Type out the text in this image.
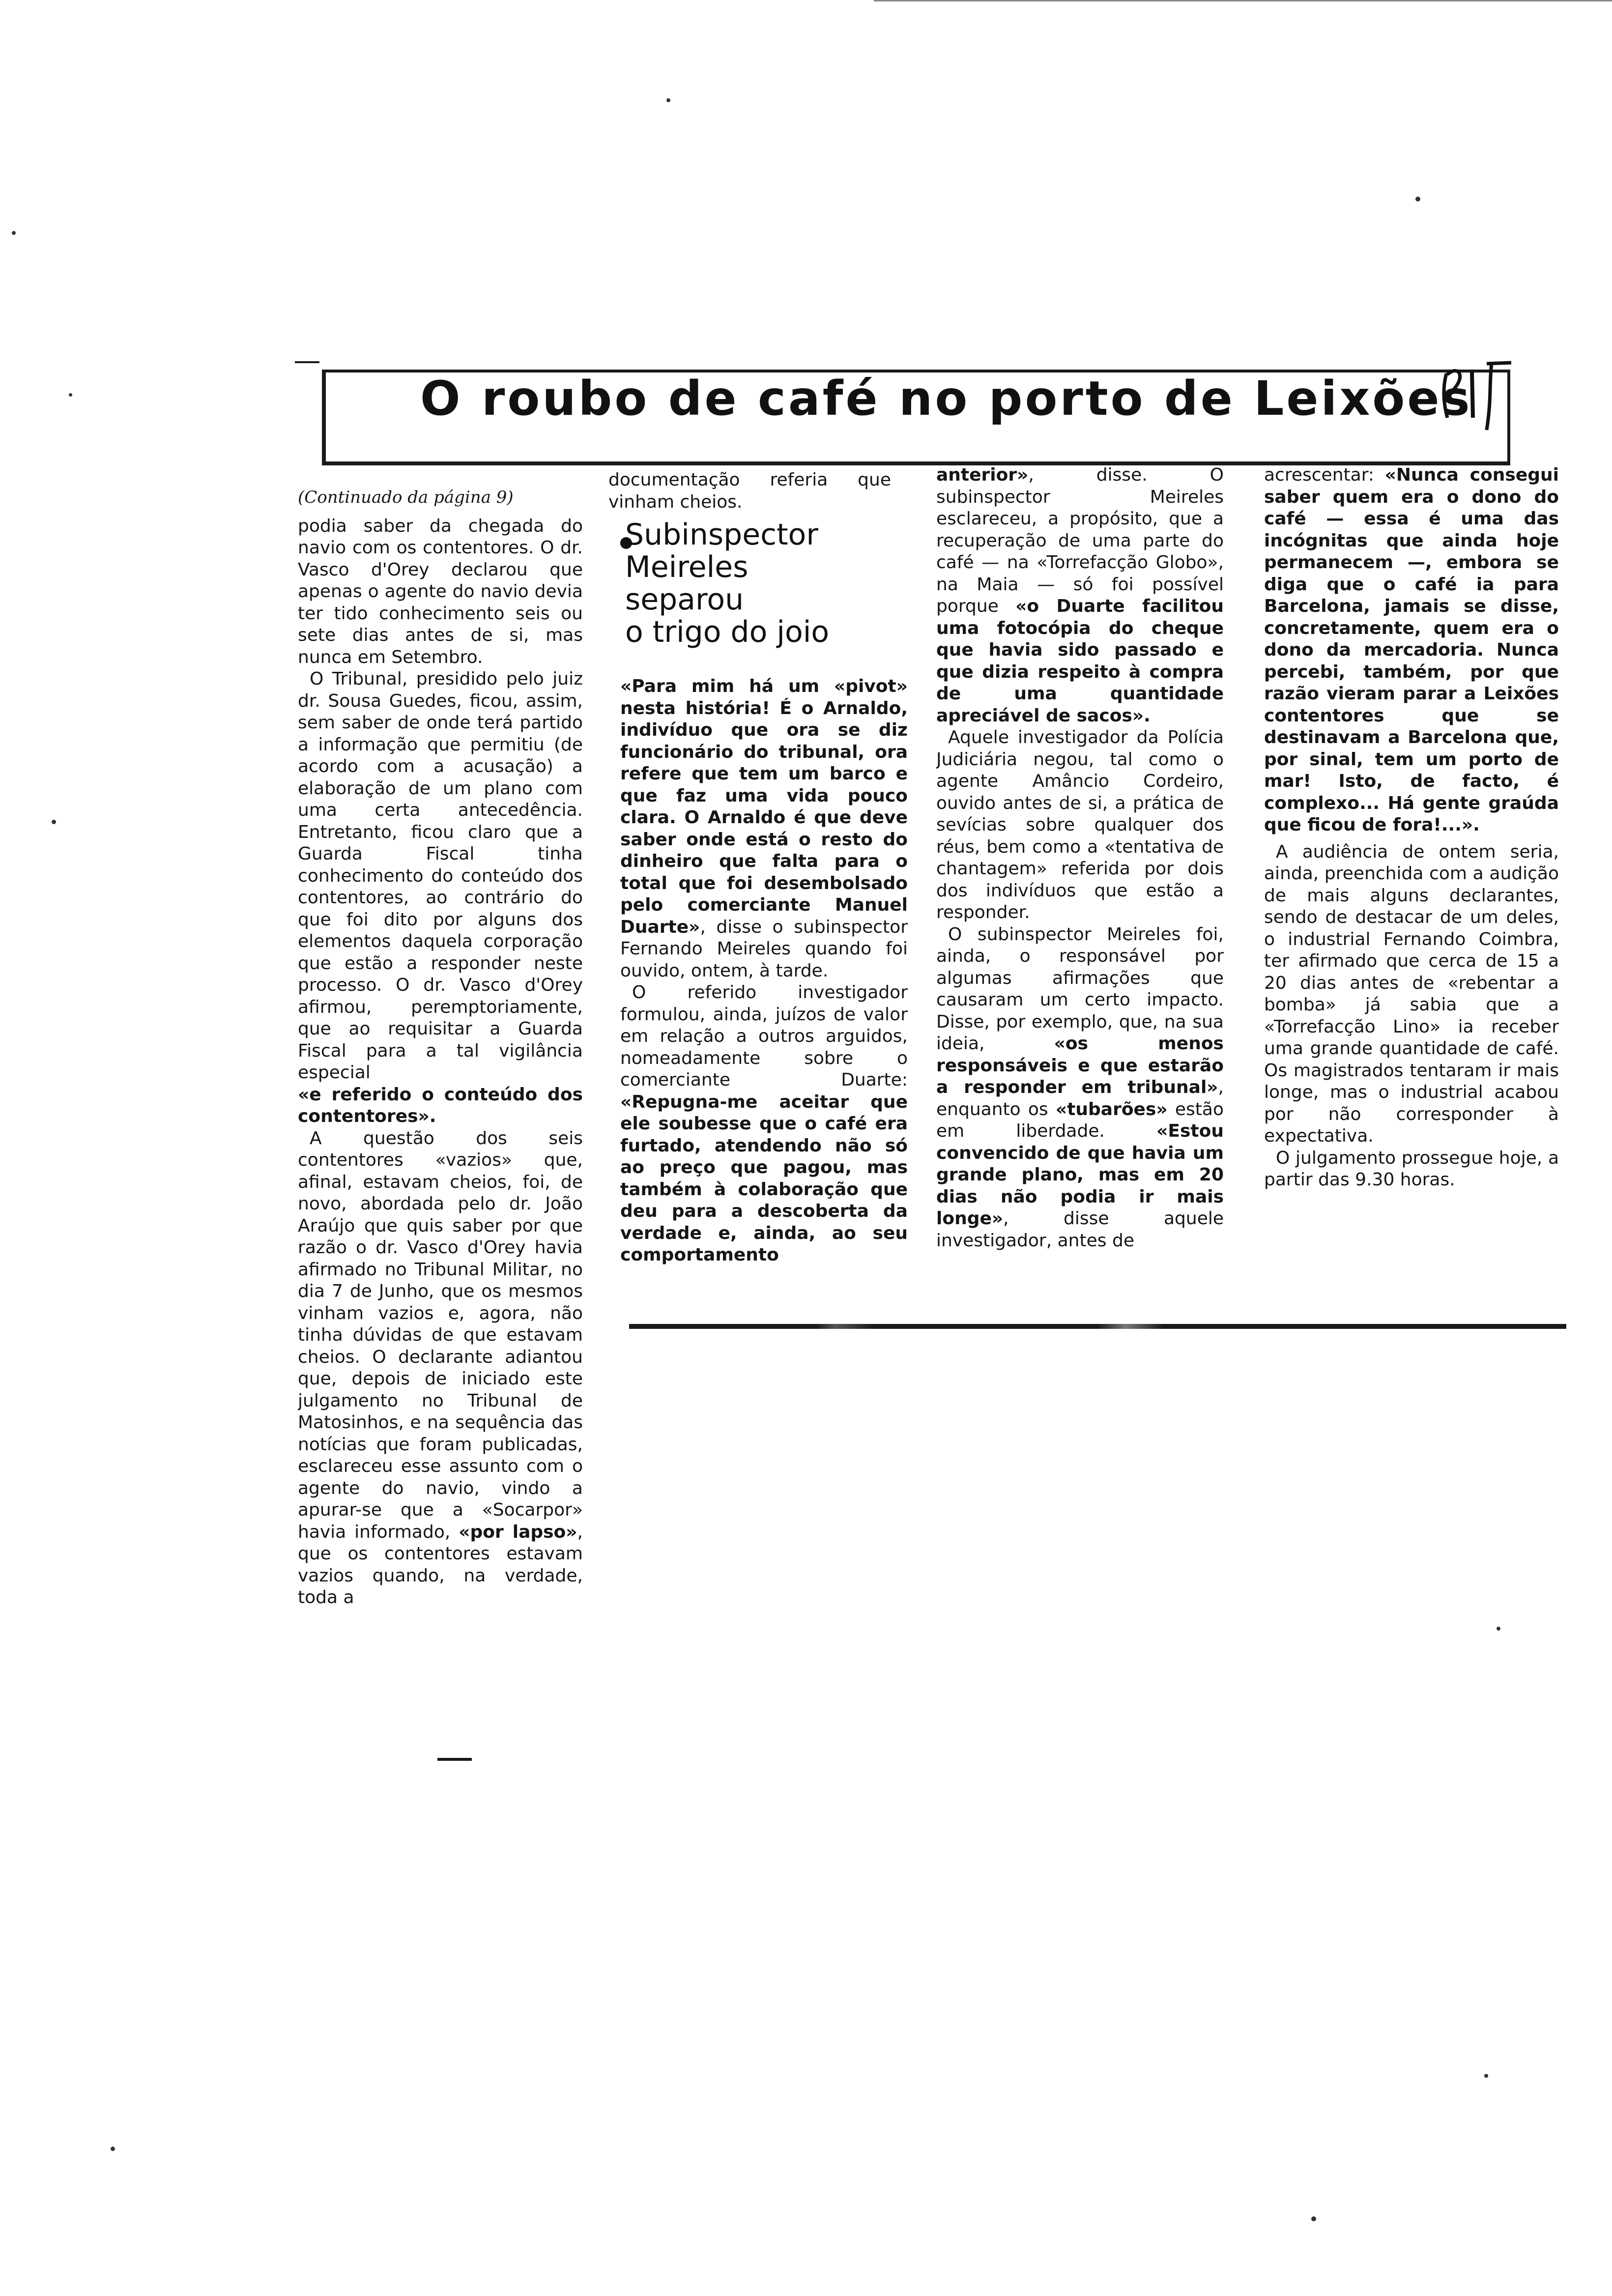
O roubo de café no porto de Leixões

(Continuado da página 9)

podia saber da chegada do navio com os contentores. O dr. Vasco d'Orey declarou que apenas o agente do navio devia ter tido conhecimento seis ou sete dias antes de si, mas nunca em Setembro.

O Tribunal, presidido pelo juiz dr. Sousa Guedes, ficou, assim, sem saber de onde terá partido a informação que permitiu (de acordo com a acusação) a elaboração de um plano com uma certa antecedência. Entretanto, ficou claro que a Guarda Fiscal tinha conhecimento do conteúdo dos contentores, ao contrário do que foi dito por alguns dos elementos daquela corporação que estão a responder neste processo. O dr. Vasco d'Orey afirmou, peremptoriamente, que ao requisitar a Guarda Fiscal para a tal vigilância especial

«e referido o conteúdo dos contentores».

A questão dos seis contentores «vazios» que, afinal, estavam cheios, foi, de novo, abordada pelo dr. João Araújo que quis saber por que razão o dr. Vasco d'Orey havia afirmado no Tribunal Militar, no dia 7 de Junho, que os mesmos vinham vazios e, agora, não tinha dúvidas de que estavam cheios. O declarante adiantou que, depois de iniciado este julgamento no Tribunal de Matosinhos, e na sequência das notícias que foram publicadas, esclareceu esse assunto com o agente do navio, vindo a apurar-se que a «Socarpor» havia informado, «por lapso», que os contentores estavam vazios quando, na verdade, toda a

documentação referia que vinham cheios.

Subinspector
Meireles
separou
o trigo do joio

«Para mim há um «pivot» nesta história! É o Arnaldo, indivíduo que ora se diz funcionário do tribunal, ora refere que tem um barco e que faz uma vida pouco clara. O Arnaldo é que deve saber onde está o resto do dinheiro que falta para o total que foi desembolsado pelo comerciante Manuel Duarte», disse o subinspector Fernando Meireles quando foi ouvido, ontem, à tarde.

O referido investigador formulou, ainda, juízos de valor em relação a outros arguidos, nomeadamente sobre o comerciante Duarte: «Repugna-me aceitar que ele soubesse que o café era furtado, atendendo não só ao preço que pagou, mas também à colaboração que deu para a descoberta da verdade e, ainda, ao seu comportamento

anterior», disse. O subinspector Meireles esclareceu, a propósito, que a recuperação de uma parte do café — na «Torrefacção Globo», na Maia — só foi possível porque «o Duarte facilitou uma fotocópia do cheque que havia sido passado e que dizia respeito à compra de uma quantidade apreciável de sacos».

Aquele investigador da Polícia Judiciária negou, tal como o agente Amâncio Cordeiro, ouvido antes de si, a prática de sevícias sobre qualquer dos réus, bem como a «tentativa de chantagem» referida por dois dos indivíduos que estão a responder.

O subinspector Meireles foi, ainda, o responsável por algumas afirmações que causaram um certo impacto. Disse, por exemplo, que, na sua ideia,	«os menos responsáveis e que estarão a responder em tribunal», enquanto os «tubarões» estão em liberdade.	«Estou convencido de que havia um grande plano, mas em 20 dias não podia ir mais longe», disse aquele investigador, antes de

acrescentar: «Nunca consegui saber quem era o dono do café — essa é uma das incógnitas que ainda hoje permanecem —, embora se diga que o café ia para Barcelona, jamais se disse, concretamente, quem era o dono da mercadoria. Nunca percebi, também, por que razão vieram parar a Leixões contentores que se destinavam a Barcelona que, por sinal, tem um porto de mar! Isto, de facto, é complexo... Há gente graúda que ficou de fora!...».

A audiência de ontem seria, ainda, preenchida com a audição de mais alguns declarantes, sendo de destacar de um deles, o industrial Fernando Coimbra, ter afirmado que cerca de 15 a 20 dias antes de «rebentar a bomba» já sabia que a «Torrefacção Lino» ia receber uma grande quantidade de café. Os magistrados tentaram ir mais longe, mas o industrial acabou por não corresponder à expectativa.

O julgamento prossegue hoje, a partir das 9.30 horas.
